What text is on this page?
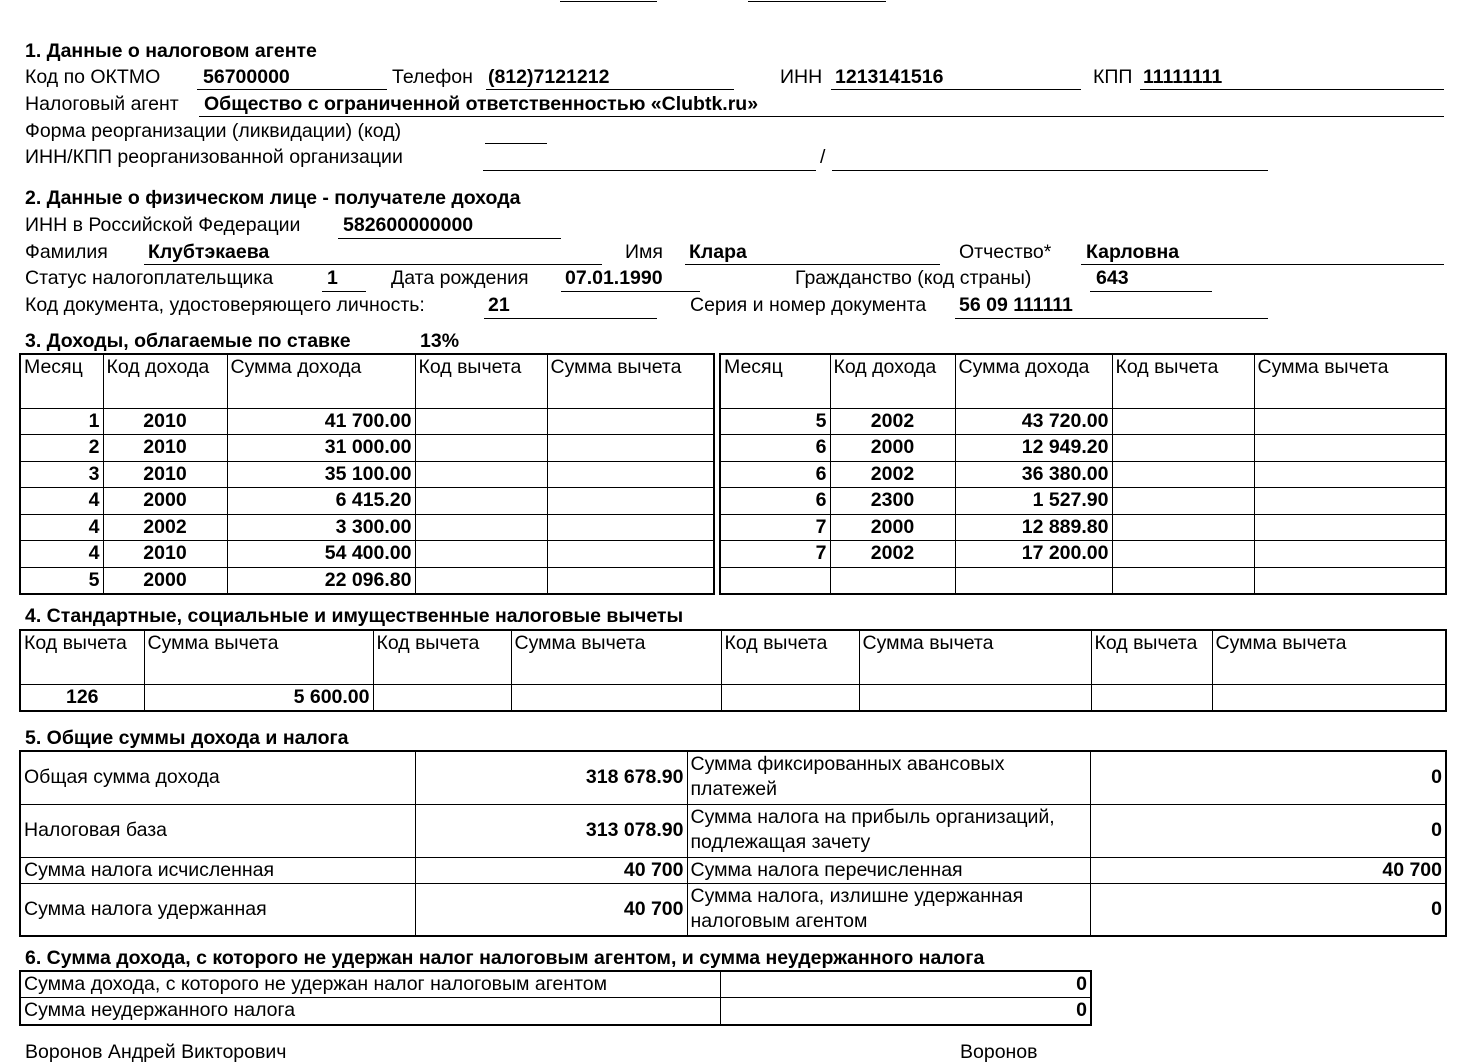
1. Данные о налоговом агенте
Код по ОКТМО 56700000	Телефон (812)7121212	ИНН 1213141516	КПП 11111111
Налоговый агент Общество с ограниченной ответственностью «Clubtk.ru»
Форма реорганизации (ликвидации) (код)
ИНН/КПП реорганизованной организации	/
2. Данные о физическом лице - получателе дохода
ИНН в Российской Федерации 582600000000
Фамилия Клубтэкаева	Имя Клара	Отчество* Карловна
Статус налогоплательщика	1	Дата рождения 07.01.1990	Гражданство (код страны)	643
Код документа, удостоверяющего личность:	21	Серия и номер документа 56 09 111111
3. Доходы, облагаемые по ставке	13%
Месяц	Код дохода	Сумма дохода	Код вычета	Сумма вычета
1	2010	41 700.00		
2	2010	31 000.00		
3	2010	35 100.00		
4	2000	6 415.20		
4	2002	3 300.00		
4	2010	54 400.00		
5	2000	22 096.80		
Месяц	Код дохода	Сумма дохода	Код вычета	Сумма вычета
5	2002	43 720.00		
6	2000	12 949.20		
6	2002	36 380.00		
6	2300	1 527.90		
7	2000	12 889.80		
7	2002	17 200.00		

4. Стандартные, социальные и имущественные налоговые вычеты
Код вычета	Сумма вычета	Код вычета	Сумма вычета	Код вычета	Сумма вычета	Код вычета	Сумма вычета
126	5 600.00						
5. Общие суммы дохода и налога
Общая сумма дохода	318 678.90	Сумма фиксированных авансовых платежей	0
Налоговая база	313 078.90	Сумма налога на прибыль организаций, подлежащая зачету	0
Сумма налога исчисленная	40 700	Сумма налога перечисленная	40 700
Сумма налога удержанная	40 700	Сумма налога, излишне удержанная налоговым агентом	0
6. Сумма дохода, с которого не удержан налог налоговым агентом, и сумма неудержанного налога
Сумма дохода, с которого не удержан налог налоговым агентом	0
Сумма неудержанного налога	0
Воронов Андрей Викторович	Воронов
